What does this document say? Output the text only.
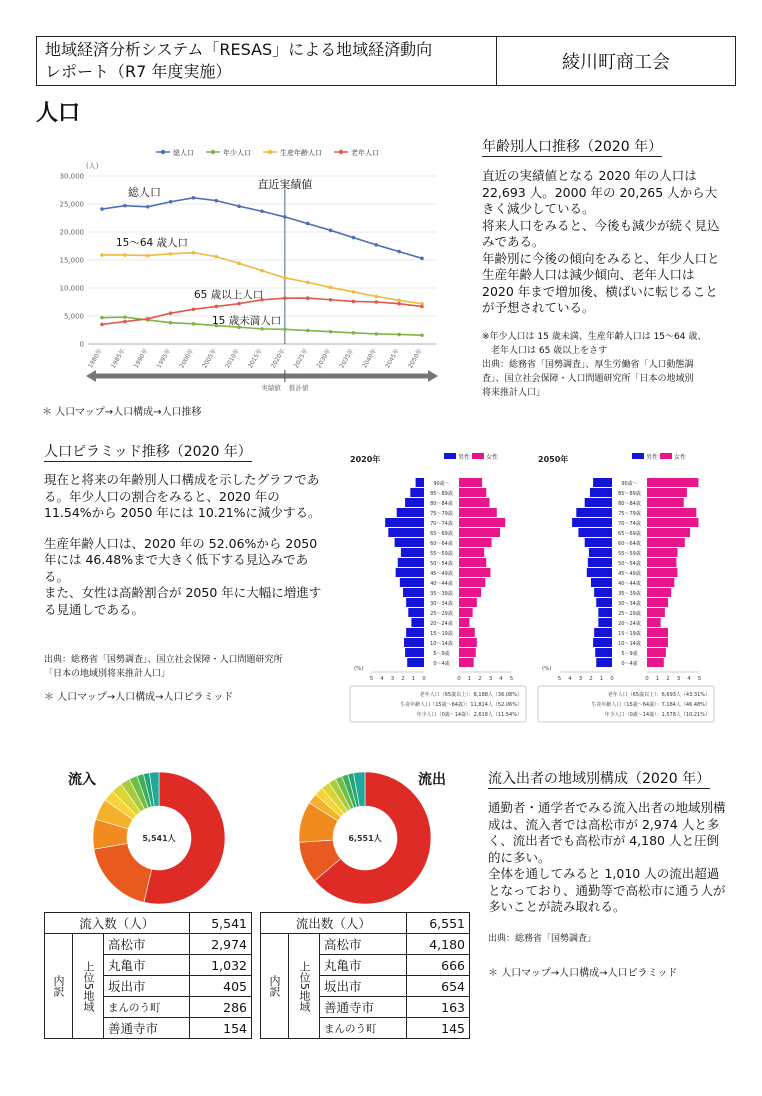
地域経済分析システム「RESAS」による地域経済動向
レポート（R7 年度実施）	綾川町商工会
人口
総人口	年少人口	生産年齢人口	老年人口
(人)
0
5,000
10,000
15,000
20,000
25,000
30,000
1980年 1985年 1990年 1995年 2000年 2005年 2010年 2015年 2020年 2025年 2030年 2035年 2040年 2045年 2050年
総人口
15～64 歳人口
65 歳以上人口
15 歳未満人口
直近実績値
実績値 推計値
＊ 人口マップ→人口構成→人口推移
年齢別人口推移（2020 年）
直近の実績値となる 2020 年の人口は 22,693 人。2000 年の 20,265 人から大きく減少している。
将来人口をみると、今後も減少が続く見込みである。
年齢別に今後の傾向をみると、年少人口と生産年齢人口は減少傾向、老年人口は 2020 年まで増加後、横ばいに転じることが予想されている。
※年少人口は 15 歳未満、生産年齢人口は 15～64 歳、
　老年人口は 65 歳以上をさす
出典：総務省「国勢調査」、厚生労働省「人口動態調
査」、国立社会保障・人口問題研究所「日本の地域別
将来推計人口」
人口ピラミッド推移（2020 年）
現在と将来の年齢別人口構成を示したグラフである。年少人口の割合をみると、2020 年の 11.54%から 2050 年には 10.21%に減少する。
生産年齢人口は、2020 年の 52.06%から 2050 年には 46.48%まで大きく低下する見込みである。
また、女性は高齢割合が 2050 年に大幅に増進する見通しである。
出典：総務省「国勢調査」、国立社会保障・人口問題研究所
「日本の地域別将来推計人口」
＊ 人口マップ→人口構成→人口ピラミッド
2020年	男性	女性
90歳～
85～89歳
80～84歳
75～79歳
70～74歳
65～69歳
60～64歳
55～59歳
50～54歳
45～49歳
40～44歳
35～39歳
30～34歳
25～29歳
20～24歳
15～19歳
10～14歳
5～9歳
0～4歳
(%)
5	0
4	1
3	2
2	3
1	4
0	5
老年人口（65歳以上）：8,188人（36.08%）
生産年齢人口（15歳〜64歳）：11,814人（52.06%）
年少人口（0歳〜14歳）：2,618人（11.54%）
2050年	男性	女性
90歳～
85～89歳
80～84歳
75～79歳
70～74歳
65～69歳
60～64歳
55～59歳
50～54歳
45～49歳
40～44歳
35～39歳
30～34歳
25～29歳
20～24歳
15～19歳
10～14歳
5～9歳
0～4歳
(%)
5	0
4	1
3	2
2	3
1	4
0	5
老年人口（65歳以上）：6,693人（43.31%）
生産年齢人口（15歳〜64歳）：7,184人（46.48%）
年少人口（0歳〜14歳）：1,578人（10.21%）
5,541人
流入
6,551人
流出
流入数（人）			5,541
内訳	上位5地域	高松市	2,974
		丸亀市	1,032
		坂出市	405
		まんのう町	286
		善通寺市	154
流出数（人）			6,551
内訳	上位5地域	高松市	4,180
		丸亀市	666
		坂出市	654
		善通寺市	163
		まんのう町	145
流入出者の地域別構成（2020 年）
通勤者・通学者でみる流入出者の地域別構成は、流入者では高松市が 2,974 人と多く、流出者でも高松市が 4,180 人と圧倒的に多い。
全体を通してみると 1,010 人の流出超過となっており、通勤等で高松市に通う人が多いことが読み取れる。
出典：総務省「国勢調査」
＊ 人口マップ→人口構成→人口ピラミッド
